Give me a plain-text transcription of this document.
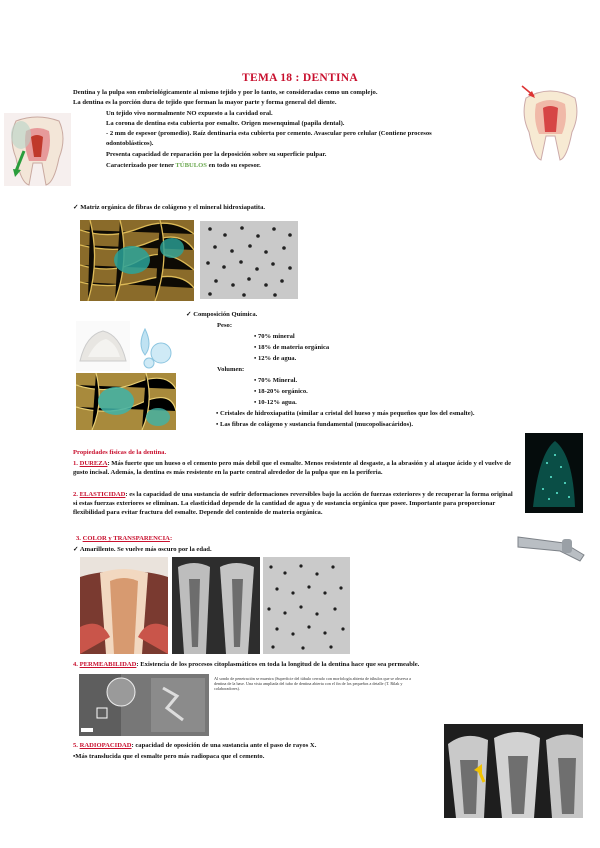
TEMA 18 : DENTINA
Dentina y la pulpa son embriológicamente al mismo tejido y por lo tanto, se consideradas como un complejo.
La dentina es la porción dura de tejido que forman la mayor parte y forma general del diente.
Un tejido vivo normalmente NO expuesto a la cavidad oral.
La corona de dentina esta cubierta por esmalte. Origen mesenquimal (papila dental).
- 2 mm de espesor (promedio). Raíz dentinaria esta cubierta por cemento. Avascular pero celular (Contiene procesos
odontoblásticos).
Presenta capacidad de reparación por la deposición sobre su superficie pulpar.
Caracterizado por tener TÚBULOS en todo su espesor.
✓ Matriz orgánica de fibras de colágeno y el mineral hidroxiapatita.
✓ Composición Química.
Peso:
• 70% mineral
• 18% de materia orgánica
• 12% de agua.
Volumen:
• 70% Mineral.
• 18-20% orgánico.
• 10-12% agua.
• Cristales de hidroxiapatita (similar a cristal del hueso y más pequeños que los del esmalte).
• Las fibras de colágeno y sustancia fundamental (mucopolisacáridos).
Propiedades físicas de la dentina.
1. DUREZA: Más fuerte que un hueso o el cemento pero más debil que el esmalte. Menos resistente al desgaste, a la abrasión y al ataque ácido y el vuelve de gusto incisal. Además, la dentina es más resistente en la parte central alrededor de la pulpa que en la periferia.
2. ELASTICIDAD: es la capacidad de una sustancia de sufrir deformaciones reversibles bajo la acción de fuerzas exteriores y de recuperar la forma original si estas fuerzas exteriores se eliminan. La elasticidad depende de la cantidad de agua y de sustancia orgánica que posee. Importante para proporcionar flexibilidad para evitar fractura del esmalte. Depende del contenido de materia orgánica.
3. COLOR y TRANSPARENCIA:
✓ Amarillento. Se vuelve más oscuro por la edad.
4. PERMEABILIDAD: Existencia de los procesos citoplasmáticos en toda la longitud de la dentina hace que sea permeable.
Al sondo de penetración se muestra (Superficie del túbulo cerrado con morfología abierta de túbulos que se observa a dentina de la base. Una vista ampliada del tubo de dentina abierta con el fin de los pequeños a detalle (T. Rilak y colaboradores).
5. RADIOPACIDAD: capacidad de oposición de una sustancia ante el paso de rayos X.
•Más translucida que el esmalte pero más radiopaca que el cemento.
